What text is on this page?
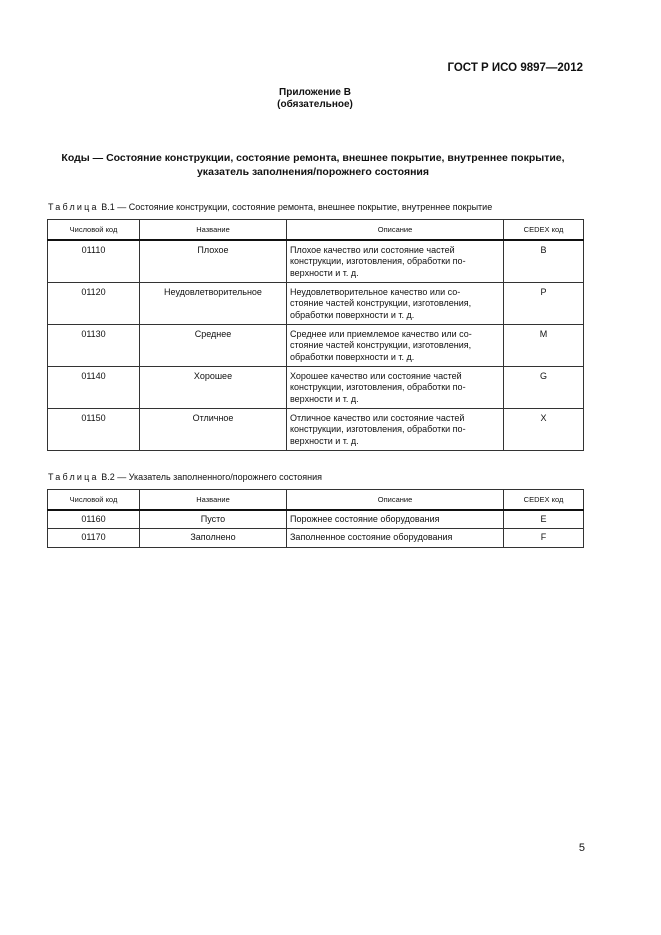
ГОСТ Р ИСО 9897—2012
Приложение В
(обязательное)
Коды — Состояние конструкции, состояние ремонта, внешнее покрытие, внутреннее покрытие,
указатель заполнения/порожнего состояния
Таблица В.1 — Состояние конструкции, состояние ремонта, внешнее покрытие, внутреннее покрытие
Числовой код	Название	Описание	CEDEX код
01110	Плохое	Плохое качество или состояние частей
конструкции, изготовления, обработки по-
верхности и т. д.	B
01120	Неудовлетворительное	Неудовлетворительное качество или со-
стояние частей конструкции, изготовления,
обработки поверхности и т. д.	P
01130	Среднее	Среднее или приемлемое качество или со-
стояние частей конструкции, изготовления,
обработки поверхности и т. д.	M
01140	Хорошее	Хорошее качество или состояние частей
конструкции, изготовления, обработки по-
верхности и т. д.	G
01150	Отличное	Отличное качество или состояние частей
конструкции, изготовления, обработки по-
верхности и т. д.	X
Таблица В.2 — Указатель заполненного/порожнего состояния
Числовой код	Название	Описание	CEDEX код
01160	Пусто	Порожнее состояние оборудования	E
01170	Заполнено	Заполненное состояние оборудования	F
5
